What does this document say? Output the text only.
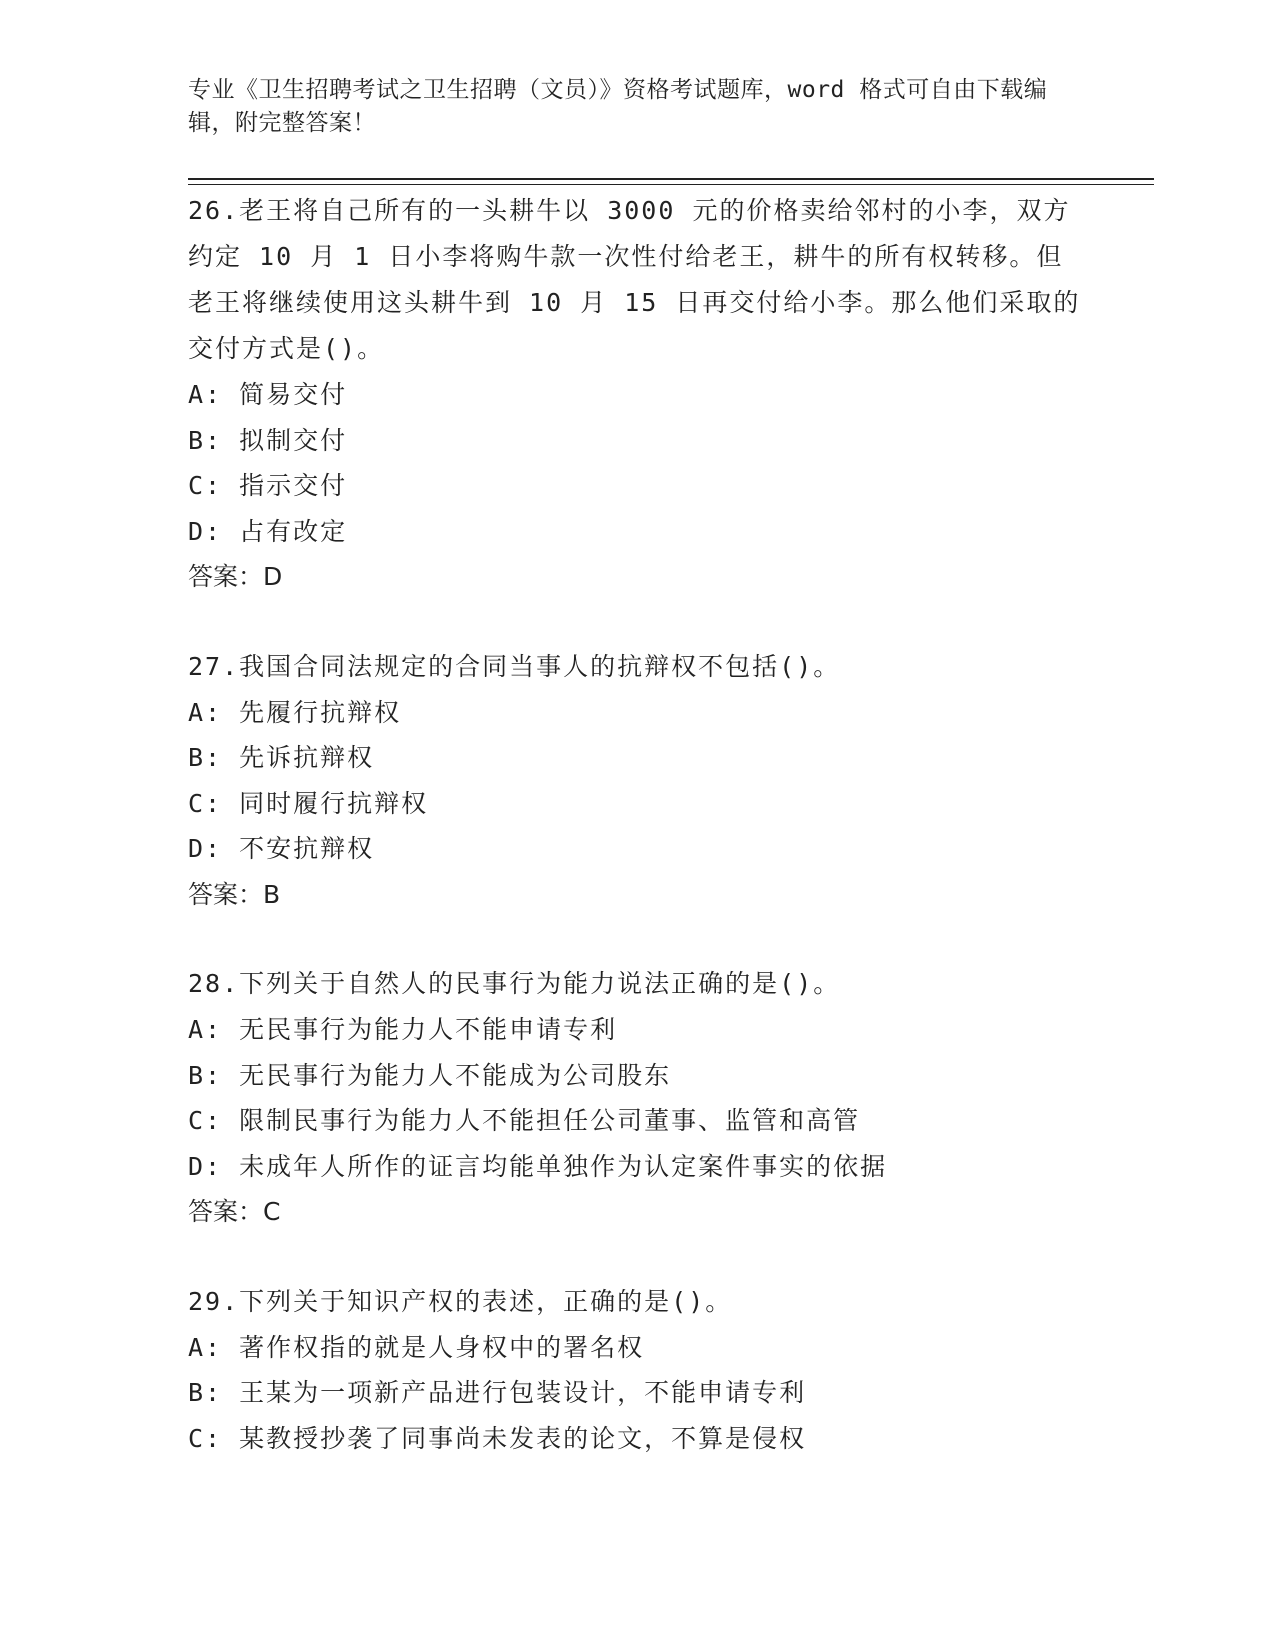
专业《卫生招聘考试之卫生招聘（文员）》资格考试题库，word 格式可自由下载编辑，附完整答案！

26.老王将自己所有的一头耕牛以 3000 元的价格卖给邻村的小李，双方约定 10 月 1 日小李将购牛款一次性付给老王，耕牛的所有权转移。但老王将继续使用这头耕牛到 10 月 15 日再交付给小李。那么他们采取的交付方式是()。

A: 简易交付

B: 拟制交付

C: 指示交付

D: 占有改定

答案：D

27.我国合同法规定的合同当事人的抗辩权不包括()。

A: 先履行抗辩权

B: 先诉抗辩权

C: 同时履行抗辩权

D: 不安抗辩权

答案：B

28.下列关于自然人的民事行为能力说法正确的是()。

A: 无民事行为能力人不能申请专利

B: 无民事行为能力人不能成为公司股东

C: 限制民事行为能力人不能担任公司董事、监管和高管

D: 未成年人所作的证言均能单独作为认定案件事实的依据

答案：C

29.下列关于知识产权的表述，正确的是()。

A: 著作权指的就是人身权中的署名权

B: 王某为一项新产品进行包装设计，不能申请专利

C: 某教授抄袭了同事尚未发表的论文，不算是侵权
